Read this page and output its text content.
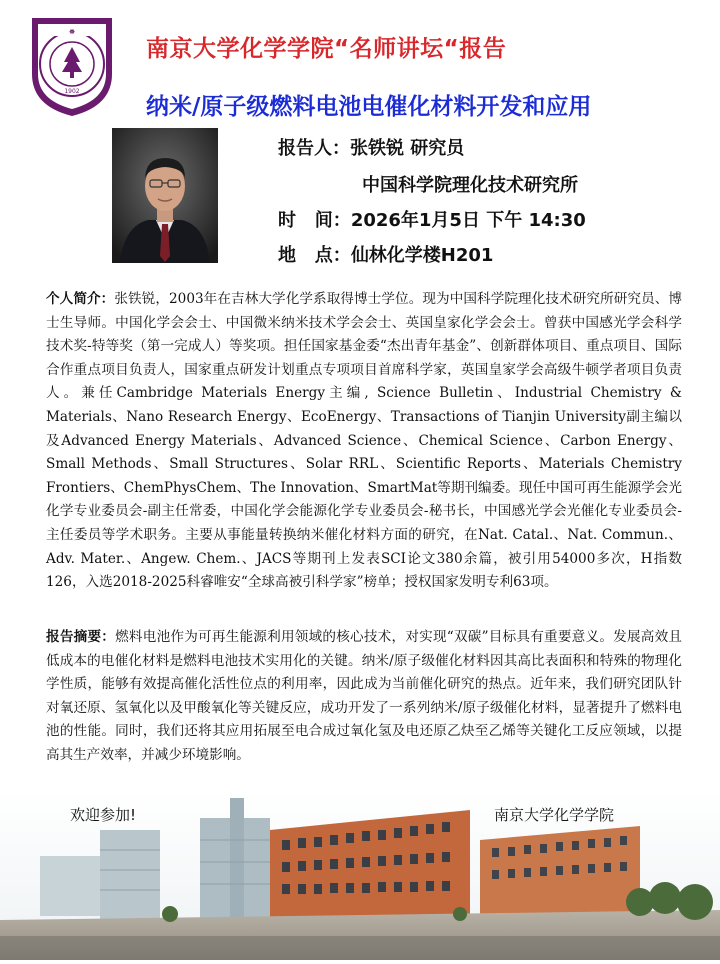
1902
⛯
南京大学化学学院“名师讲坛“报告
纳米/原子级燃料电池电催化材料开发和应用
报告人：张铁锐 研究员
中国科学院理化技术研究所
时   间：2026年1月5日 下午 14:30
地   点：仙林化学楼H201
个人简介：张铁锐，2003年在吉林大学化学系取得博士学位。现为中国科学院理化技术研究所研究员、博士生导师。中国化学会会士、中国微米纳米技术学会会士、英国皇家化学会会士。曾获中国感光学会科学技术奖-特等奖（第一完成人）等奖项。担任国家基金委“杰出青年基金”、创新群体项目、重点项目、国际合作重点项目负责人，国家重点研发计划重点专项项目首席科学家，英国皇家学会高级牛顿学者项目负责人。兼任Cambridge Materials Energy主编, Science Bulletin、Industrial Chemistry & Materials、Nano Research Energy、EcoEnergy、Transactions of Tianjin University副主编以及Advanced Energy Materials、Advanced Science、Chemical Science、Carbon Energy、Small Methods、Small Structures、Solar RRL、Scientific Reports、Materials Chemistry Frontiers、ChemPhysChem、The Innovation、SmartMat等期刊编委。现任中国可再生能源学会光化学专业委员会-副主任常委，中国化学会能源化学专业委员会-秘书长，中国感光学会光催化专业委员会-主任委员等学术职务。主要从事能量转换纳米催化材料方面的研究，在Nat. Catal.、Nat. Commun.、Adv. Mater.、Angew. Chem.、JACS等期刊上发表SCI论文380余篇，被引用54000多次，H指数126，入选2018-2025科睿唯安“全球高被引科学家”榜单；授权国家发明专利63项。
报告摘要：燃料电池作为可再生能源利用领域的核心技术，对实现“双碳”目标具有重要意义。发展高效且低成本的电催化材料是燃料电池技术实用化的关键。纳米/原子级催化材料因其高比表面积和特殊的物理化学性质，能够有效提高催化活性位点的利用率，因此成为当前催化研究的热点。近年来，我们研究团队针对氧还原、氢氧化以及甲酸氧化等关键反应，成功开发了一系列纳米/原子级催化材料，显著提升了燃料电池的性能。同时，我们还将其应用拓展至电合成过氧化氢及电还原乙炔至乙烯等关键化工反应领域，以提高其生产效率，并减少环境影响。
欢迎参加!	南京大学化学学院
